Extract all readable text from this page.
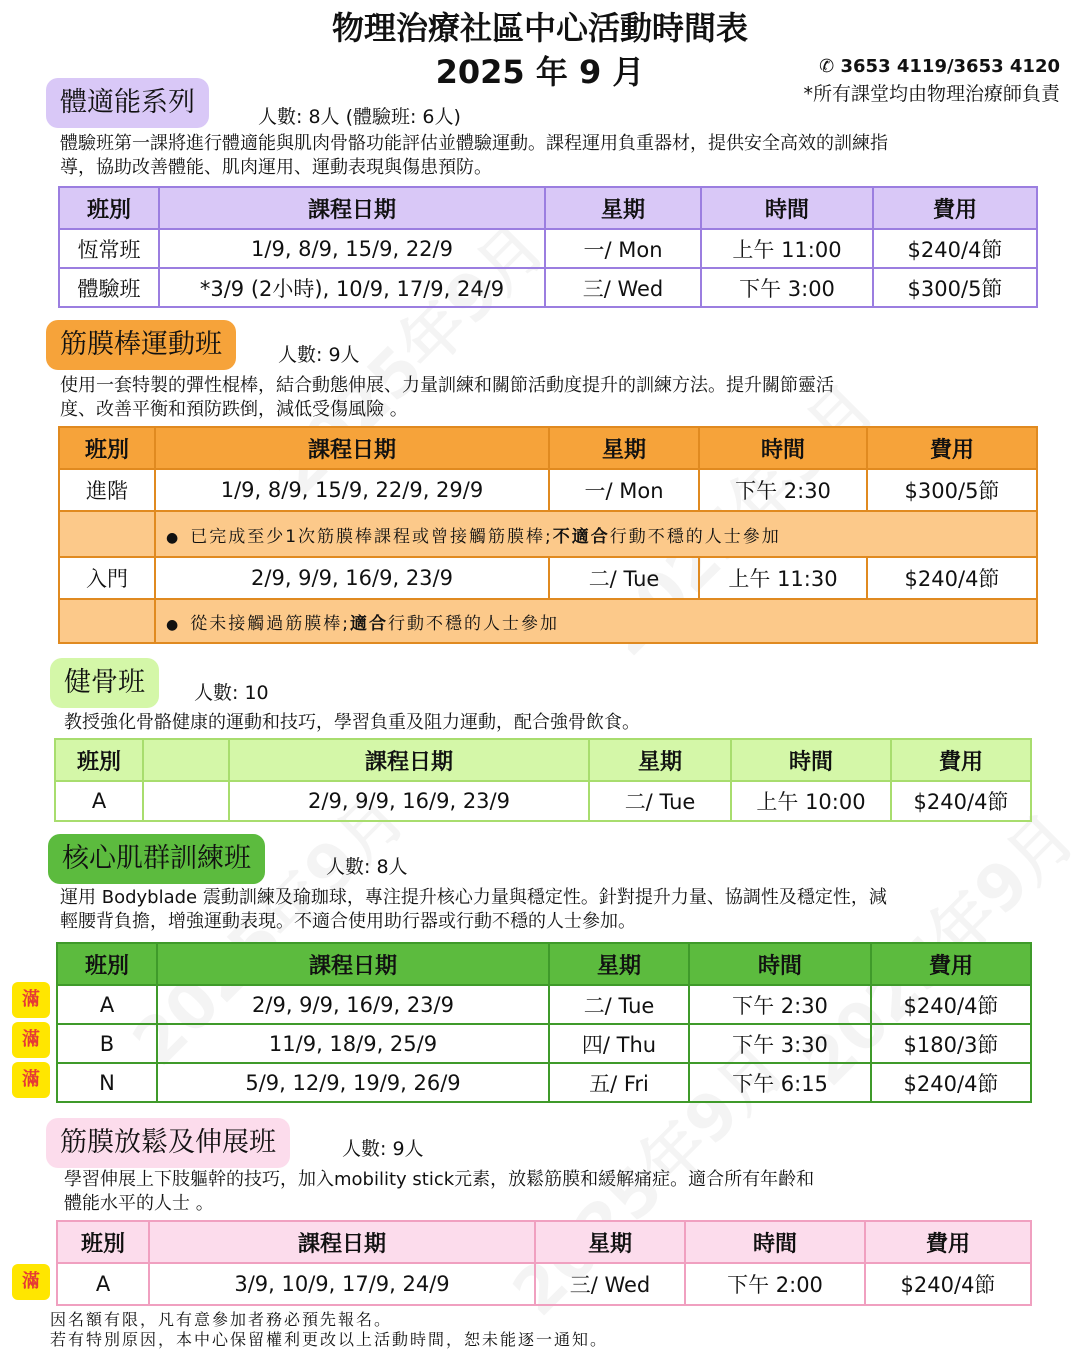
物理治療社區中心活動時間表
2025 年 9 月	✆ 3653 4119/3653 4120
*所有課堂均由物理治療師負責
體適能系列	人數: 8人 (體驗班: 6人)
體驗班第一課將進行體適能與肌肉骨骼功能評估並體驗運動。課程運用負重器材，提供安全高效的訓練指
導，協助改善體能、肌肉運用、運動表現與傷患預防。
班別	課程日期	星期	時間	費用
恆常班	1/9, 8/9, 15/9, 22/9	一/ Mon	上午 11:00	$240/4節
體驗班	*3/9 (2小時), 10/9, 17/9, 24/9	三/ Wed	下午 3:00	$300/5節
筋膜棒運動班	人數: 9人
使用一套特製的彈性棍棒，結合動態伸展、力量訓練和關節活動度提升的訓練方法。提升關節靈活
度、改善平衡和預防跌倒，減低受傷風險 。
班別	課程日期	星期	時間	費用
進階	1/9, 8/9, 15/9, 22/9, 29/9	一/ Mon	下午 2:30	$300/5節
	● 已完成至少1次筋膜棒課程或曾接觸筋膜棒;不適合行動不穩的人士參加			
入門	2/9, 9/9, 16/9, 23/9	二/ Tue	上午 11:30	$240/4節
	● 從未接觸過筋膜棒;適合行動不穩的人士參加			
健骨班	人數: 10
教授強化骨骼健康的運動和技巧，學習負重及阻力運動，配合強骨飲食。
班別		課程日期	星期	時間	費用
A		2/9, 9/9, 16/9, 23/9	二/ Tue	上午 10:00	$240/4節
核心肌群訓練班	人數: 8人
運用 Bodyblade 震動訓練及瑜珈球，專注提升核心力量與穩定性。針對提升力量、協調性及穩定性，減
輕腰背負擔，增強運動表現。不適合使用助行器或行動不穩的人士參加。
滿
滿
滿
班別	課程日期	星期	時間	費用
A	2/9, 9/9, 16/9, 23/9	二/ Tue	下午 2:30	$240/4節
B	11/9, 18/9, 25/9	四/ Thu	下午 3:30	$180/3節
N	5/9, 12/9, 19/9, 26/9	五/ Fri	下午 6:15	$240/4節
筋膜放鬆及伸展班	人數: 9人
學習伸展上下肢軀幹的技巧，加入mobility stick元素，放鬆筋膜和緩解痛症。適合所有年齡和
體能水平的人士 。
滿
班別	課程日期	星期	時間	費用
A	3/9, 10/9, 17/9, 24/9	三/ Wed	下午 2:00	$240/4節
因名額有限，凡有意參加者務必預先報名。
若有特別原因，本中心保留權利更改以上活動時間，恕未能逐一通知。
